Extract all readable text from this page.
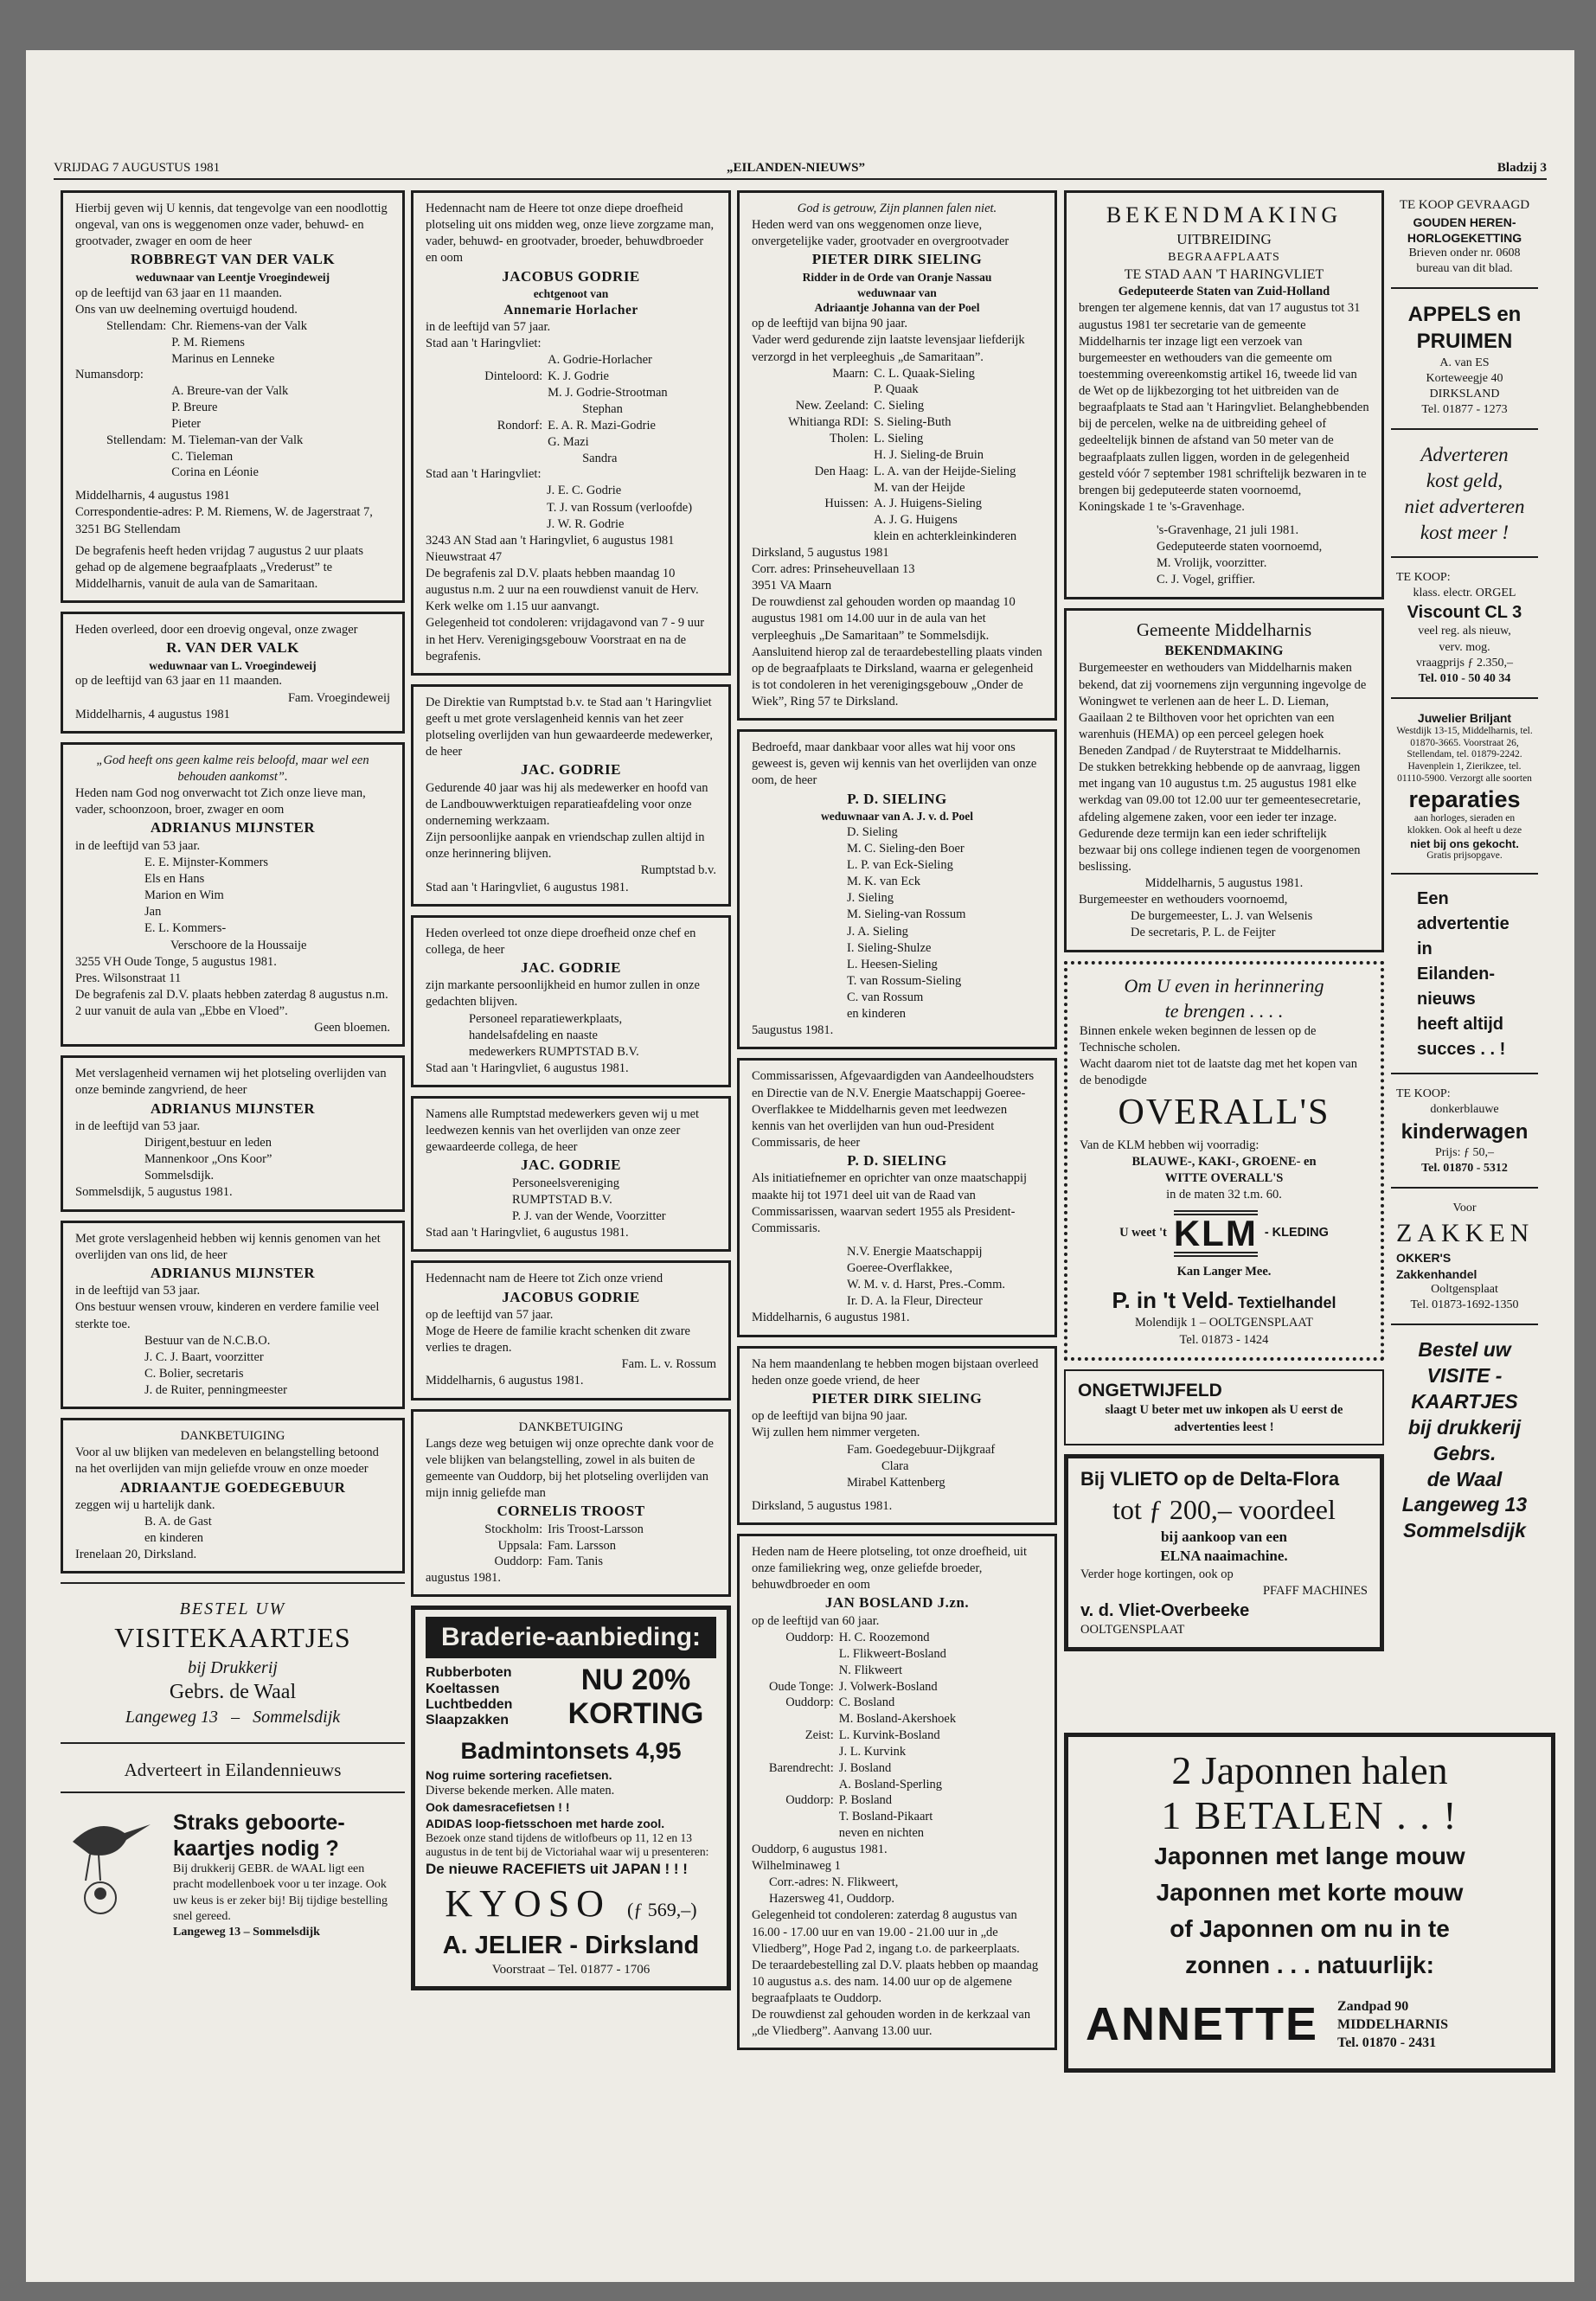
VRIJDAG 7 AUGUSTUS 1981	„EILANDEN-NIEUWS”	Bladzij 3

Hierbij geven wij U kennis, dat tengevolge van een noodlottig ongeval, van ons is weggenomen onze vader, behuwd- en grootvader, zwager en oom de heer

ROBBREGT VAN DER VALK

weduwnaar van Leentje Vroegindeweij

op de leeftijd van 63 jaar en 11 maanden.

Ons van uw deelneming overtuigd houdend.

Stellendam:	Chr. Riemens-van der Valk
P. M. Riemens
Marinus en Lenneke

Numansdorp:	A. Breure-van der Valk
P. Breure
Pieter

Stellendam:	M. Tieleman-van der Valk
C. Tieleman
Corina en Léonie

Middelharnis, 4 augustus 1981

Correspondentie-adres: P. M. Riemens, W. de Jagerstraat 7, 3251 BG Stellendam

De begrafenis heeft heden vrijdag 7 augustus 2 uur plaats gehad op de algemene begraafplaats „Vrederust” te Middelharnis, vanuit de aula van de Samaritaan.

Heden overleed, door een droevig ongeval, onze zwager

R. VAN DER VALK

weduwnaar van L. Vroegindeweij

op de leeftijd van 63 jaar en 11 maanden.

Fam. Vroegindeweij

Middelharnis, 4 augustus 1981

„God heeft ons geen kalme reis beloofd, maar wel een behouden aankomst”.

Heden nam God nog onverwacht tot Zich onze lieve man, vader, schoonzoon, broer, zwager en oom

ADRIANUS MIJNSTER

in de leeftijd van 53 jaar.

E. E. Mijnster-Kommers
Els en Hans
Marion en Wim
Jan
E. L. Kommers-
Verschoore de la Houssaije

3255 VH Oude Tonge, 5 augustus 1981.

Pres. Wilsonstraat 11

De begrafenis zal D.V. plaats hebben zaterdag 8 augustus n.m. 2 uur vanuit de aula van „Ebbe en Vloed”.

Geen bloemen.

Met verslagenheid vernamen wij het plotseling overlijden van onze beminde zangvriend, de heer

ADRIANUS MIJNSTER

in de leeftijd van 53 jaar.

Dirigent,bestuur en leden
Mannenkoor „Ons Koor”
Sommelsdijk.

Sommelsdijk, 5 augustus 1981.

Met grote verslagenheid hebben wij kennis genomen van het overlijden van ons lid, de heer

ADRIANUS MIJNSTER

in de leeftijd van 53 jaar.

Ons bestuur wensen vrouw, kinderen en verdere familie veel sterkte toe.

Bestuur van de N.C.B.O.
J. C. J. Baart, voorzitter
C. Bolier, secretaris
J. de Ruiter, penningmeester

DANKBETUIGING

Voor al uw blijken van medeleven en belangstelling betoond na het overlijden van mijn geliefde vrouw en onze moeder

ADRIAANTJE GOEDEGEBUUR

zeggen wij u hartelijk dank.

B. A. de Gast
en kinderen

Irenelaan 20, Dirksland.

BESTEL UW
VISITEKAARTJES
bij Drukkerij
Gebrs. de Waal
Langeweg 13   –   Sommelsdijk
Adverteert in Eilandennieuws
Straks geboorte-
kaartjes nodig ?
Bij drukkerij GEBR. de WAAL ligt een pracht modellenboek voor u ter inzage. Ook uw keus is er zeker bij! Bij tijdige bestelling snel gereed.
Langeweg 13 – Sommelsdijk

Hedennacht nam de Heere tot onze diepe droefheid plotseling uit ons midden weg, onze lieve zorgzame man, vader, behuwd- en grootvader, broeder, behuwdbroeder en oom

JACOBUS GODRIE

echtgenoot van

Annemarie Horlacher

in de leeftijd van 57 jaar.

Stad aan 't Haringvliet:

	A. Godrie-Horlacher
Dinteloord:	K. J. Godrie
M. J. Godrie-Strootman
Stephan

Rondorf:	E. A. R. Mazi-Godrie
G. Mazi
Sandra

Stad aan 't Haringvliet:

J. E. C. Godrie
T. J. van Rossum (verloofde)
J. W. R. Godrie

3243 AN Stad aan 't Haringvliet, 6 augustus 1981

Nieuwstraat 47

De begrafenis zal D.V. plaats hebben maandag 10 augustus n.m. 2 uur na een rouwdienst vanuit de Herv. Kerk welke om 1.15 uur aanvangt.

Gelegenheid tot condoleren: vrijdagavond van 7 - 9 uur in het Herv. Verenigingsgebouw Voorstraat en na de begrafenis.

De Direktie van Rumptstad b.v. te Stad aan 't Haringvliet geeft u met grote verslagenheid kennis van het zeer plotseling overlijden van hun gewaardeerde medewerker, de heer

JAC. GODRIE

Gedurende 40 jaar was hij als medewerker en hoofd van de Landbouwwerktuigen reparatieafdeling voor onze onderneming werkzaam.

Zijn persoonlijke aanpak en vriendschap zullen altijd in onze herinnering blijven.

Rumptstad b.v.

Stad aan 't Haringvliet, 6 augustus 1981.

Heden overleed tot onze diepe droefheid onze chef en collega, de heer

JAC. GODRIE

zijn markante persoonlijkheid en humor zullen in onze gedachten blijven.

Personeel reparatiewerkplaats,
handelsafdeling en naaste
medewerkers RUMPTSTAD B.V.

Stad aan 't Haringvliet, 6 augustus 1981.

Namens alle Rumptstad medewerkers geven wij u met leedwezen kennis van het overlijden van onze zeer gewaardeerde collega, de heer

JAC. GODRIE

Personeelsvereniging
RUMPTSTAD B.V.
P. J. van der Wende, Voorzitter

Stad aan 't Haringvliet, 6 augustus 1981.

Hedennacht nam de Heere tot Zich onze vriend

JACOBUS GODRIE

op de leeftijd van 57 jaar.

Moge de Heere de familie kracht schenken dit zware verlies te dragen.

Fam. L. v. Rossum

Middelharnis, 6 augustus 1981.

DANKBETUIGING

Langs deze weg betuigen wij onze oprechte dank voor de vele blijken van belangstelling, zowel in als buiten de gemeente van Ouddorp, bij het plotseling overlijden van mijn innig geliefde man

CORNELIS TROOST

Stockholm:	Iris Troost-Larsson
Uppsala:	Fam. Larsson
Ouddorp:	Fam. Tanis

augustus 1981.

Braderie-aanbieding:
Rubberboten
Koeltassen
Luchtbedden
Slaapzakken
NU 20%
KORTING
Badmintonsets 4,95
Nog ruime sortering racefietsen.
Diverse bekende merken. Alle maten.
Ook damesracefietsen ! !
ADIDAS loop-fietsschoen met harde zool.
Bezoek onze stand tijdens de witlofbeurs op 11, 12 en 13 augustus in de tent bij de Victoriahal waar wij u presenteren:
De nieuwe RACEFIETS uit JAPAN ! ! !
KYOSO (ƒ 569,–)
A. JELIER - Dirksland
Voorstraat – Tel. 01877 - 1706

God is getrouw, Zijn plannen falen niet.

Heden werd van ons weggenomen onze lieve, onvergetelijke vader, grootvader en overgrootvader

PIETER DIRK SIELING

Ridder in de Orde van Oranje Nassau

weduwnaar van

Adriaantje Johanna van der Poel

op de leeftijd van bijna 90 jaar.

Vader werd gedurende zijn laatste levensjaar liefderijk verzorgd in het verpleeghuis „de Samaritaan”.

Maarn:	C. L. Quaak-Sieling
P. Quaak

New. Zeeland:	C. Sieling
Whitianga RDI:	S. Sieling-Buth
Tholen:	L. Sieling
H. J. Sieling-de Bruin

Den Haag:	L. A. van der Heijde-Sieling
M. van der Heijde

Huissen:	A. J. Huigens-Sieling
A. J. G. Huigens
klein en achterkleinkinderen

Dirksland, 5 augustus 1981

Corr. adres: Prinseheuvellaan 13

3951 VA Maarn

De rouwdienst zal gehouden worden op maandag 10 augustus 1981 om 14.00 uur in de aula van het verpleeghuis „De Samaritaan” te Sommelsdijk.

Aansluitend hierop zal de teraardebestelling plaats vinden op de begraafplaats te Dirksland, waarna er gelegenheid is tot condoleren in het verenigingsgebouw „Onder de Wiek”, Ring 57 te Dirksland.

Bedroefd, maar dankbaar voor alles wat hij voor ons geweest is, geven wij kennis van het overlijden van onze oom, de heer

P. D. SIELING

weduwnaar van A. J. v. d. Poel

D. Sieling
M. C. Sieling-den Boer
L. P. van Eck-Sieling
M. K. van Eck
J. Sieling
M. Sieling-van Rossum
J. A. Sieling
I. Sieling-Shulze
L. Heesen-Sieling
T. van Rossum-Sieling
C. van Rossum
en kinderen

5augustus 1981.

Commissarissen, Afgevaardigden van Aandeelhoudsters en Directie van de N.V. Energie Maatschappij Goeree-Overflakkee te Middelharnis geven met leedwezen kennis van het overlijden van hun oud-President Commissaris, de heer

P. D. SIELING

Als initiatiefnemer en oprichter van onze maatschappij maakte hij tot 1971 deel uit van de Raad van Commissarissen, waarvan sedert 1955 als President-Commissaris.

N.V. Energie Maatschappij
Goeree-Overflakkee,
W. M. v. d. Harst, Pres.-Comm.
Ir. D. A. la Fleur, Directeur

Middelharnis, 6 augustus 1981.

Na hem maandenlang te hebben mogen bijstaan overleed heden onze goede vriend, de heer

PIETER DIRK SIELING

op de leeftijd van bijna 90 jaar.

Wij zullen hem nimmer vergeten.

Fam. Goedegebuur-Dijkgraaf
Clara
Mirabel Kattenberg

Dirksland, 5 augustus 1981.

Heden nam de Heere plotseling, tot onze droefheid, uit onze familiekring weg, onze geliefde broeder, behuwdbroeder en oom

JAN BOSLAND J.zn.

op de leeftijd van 60 jaar.

Ouddorp:	H. C. Roozemond
L. Flikweert-Bosland
N. Flikweert

Oude Tonge:	J. Volwerk-Bosland
Ouddorp:	C. Bosland
M. Bosland-Akershoek

Zeist:	L. Kurvink-Bosland
J. L. Kurvink

Barendrecht:	J. Bosland
A. Bosland-Sperling

Ouddorp:	P. Bosland
T. Bosland-Pikaart
neven en nichten

Ouddorp, 6 augustus 1981.

Wilhelminaweg 1

Corr.-adres: N. Flikweert,

Hazersweg 41, Ouddorp.

Gelegenheid tot condoleren: zaterdag 8 augustus van 16.00 - 17.00 uur en van 19.00 - 21.00 uur in „de Vliedberg”, Hoge Pad 2, ingang t.o. de parkeerplaats.

De teraardebestelling zal D.V. plaats hebben op maandag 10 augustus a.s. des nam. 14.00 uur op de algemene begraafplaats te Ouddorp.

De rouwdienst zal gehouden worden in de kerkzaal van „de Vliedberg”. Aanvang 13.00 uur.

BEKENDMAKING

UITBREIDING

BEGRAAFPLAATS

TE STAD AAN 'T HARINGVLIET

Gedeputeerde Staten van Zuid-Holland

brengen ter algemene kennis, dat van 17 augustus tot 31 augustus 1981 ter secretarie van de gemeente Middelharnis ter inzage ligt een verzoek van burgemeester en wethouders van die gemeente om toestemming overeenkomstig artikel 16, tweede lid van de Wet op de lijkbezorging tot het uitbreiden van de begraafplaats te Stad aan 't Haringvliet. Belanghebbenden bij de percelen, welke na de uitbreiding geheel of gedeeltelijk binnen de afstand van 50 meter van de begraafplaats zullen liggen, worden in de gelegenheid gesteld vóór 7 september 1981 schriftelijk bezwaren in te brengen bij gedeputeerde staten voornoemd, Koningskade 1 te 's-Gravenhage.

's-Gravenhage, 21 juli 1981.
Gedeputeerde staten voornoemd,
M. Vrolijk, voorzitter.
C. J. Vogel, griffier.

Gemeente Middelharnis

BEKENDMAKING

Burgemeester en wethouders van Middelharnis maken bekend, dat zij voornemens zijn vergunning ingevolge de Woningwet te verlenen aan de heer L. D. Lieman, Gaailaan 2 te Bilthoven voor het oprichten van een warenhuis (HEMA) op een perceel gelegen hoek Beneden Zandpad / de Ruyterstraat te Middelharnis.

De stukken betrekking hebbende op de aanvraag, liggen met ingang van 10 augustus t.m. 25 augustus 1981 elke werkdag van 09.00 tot 12.00 uur ter gemeentesecretarie, afdeling algemene zaken, voor een ieder ter inzage.

Gedurende deze termijn kan een ieder schriftelijk bezwaar bij ons college indienen tegen de voorgenomen beslissing.

Middelharnis, 5 augustus 1981.

Burgemeester en wethouders voornoemd,

De burgemeester, L. J. van Welsenis

De secretaris, P. L. de Feijter

Om U even in herinnering

te brengen . . . .

Binnen enkele weken beginnen de lessen op de Technische scholen.

Wacht daarom niet tot de laatste dag met het kopen van de benodigde

OVERALL'S

Van de KLM hebben wij voorradig:

BLAUWE-, KAKI-, GROENE- en

WITTE OVERALL'S

in de maten 32 t.m. 60.

U weet 't KLM - KLEDING

Kan Langer Mee.

P. in 't Veld- Textielhandel

Molendijk 1 – OOLTGENSPLAAT

Tel. 01873 - 1424

ONGETWIJFELD

slaagt U beter met uw inkopen als U eerst de advertenties leest !

Bij VLIETO op de Delta-Flora

tot ƒ 200,– voordeel

bij aankoop van een

ELNA naaimachine.

Verder hoge kortingen, ook op

PFAFF MACHINES

v. d. Vliet-Overbeeke

OOLTGENSPLAAT

TE KOOP GEVRAAGD
GOUDEN HEREN-
HORLOGEKETTING
Brieven onder nr. 0608 bureau van dit blad.
APPELS en
PRUIMEN
A. van ES
Korteweegje 40
DIRKSLAND
Tel. 01877 - 1273
Adverteren
kost geld,
niet adverteren
kost meer !
TE KOOP:
klass. electr. ORGEL
Viscount CL 3
veel reg. als nieuw,
verv. mog.
vraagprijs ƒ 2.350,–
Tel. 010 - 50 40 34
Juwelier Briljant
Westdijk 13-15, Middelharnis, tel. 01870-3665. Voorstraat 26, Stellendam, tel. 01879-2242. Havenplein 1, Zierikzee, tel. 01110-5900. Verzorgt alle soorten
reparaties
aan horloges, sieraden en klokken. Ook al heeft u deze
niet bij ons gekocht.
Gratis prijsopgave.
Een
advertentie
in
Eilanden-
nieuws
heeft altijd
succes . . !
TE KOOP:
donkerblauwe
kinderwagen
Prijs: ƒ 50,–
Tel. 01870 - 5312
Voor
ZAKKEN
OKKER'S
Zakkenhandel
Ooltgensplaat
Tel. 01873-1692-1350
Bestel uw
VISITE -
KAARTJES
bij drukkerij
Gebrs.
de Waal
Langeweg 13
Sommelsdijk
2 Japonnen halen
1 BETALEN . . !
Japonnen met lange mouw
Japonnen met korte mouw
of Japonnen om nu in te
zonnen . . . natuurlijk:
ANNETTE Zandpad 90
MIDDELHARNIS
Tel. 01870 - 2431
